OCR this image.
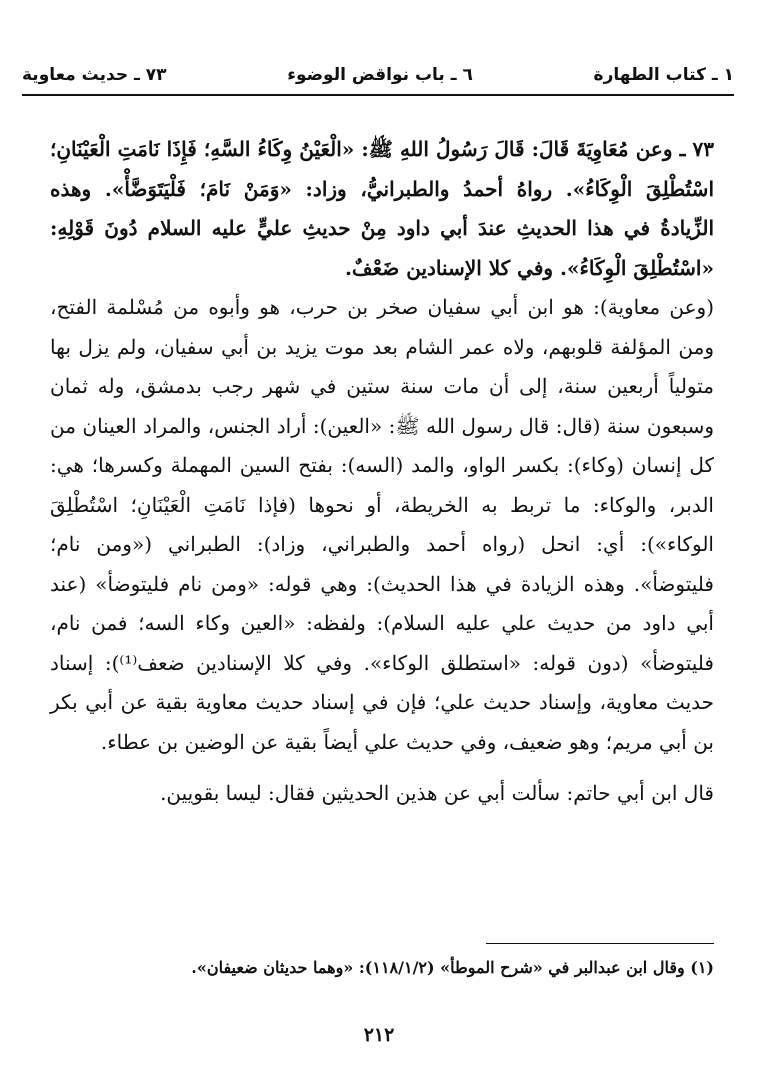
١ ـ كتاب الطهارة
٦ ـ باب نواقض الوضوء
٧٣ ـ حديث معاوية

٧٣ ـ وعن مُعَاوِيَةَ قَالَ: قَالَ رَسُولُ اللهِ ﷺ: «الْعَيْنُ وِكَاءُ السَّهِ؛ فَإِذَا نَامَتِ الْعَيْنَانِ؛ اسْتُطْلِقَ الْوِكَاءُ». رواهُ أحمدُ والطبرانيُّ، وزاد: «وَمَنْ نَامَ؛ فَلْيَتَوَضَّأْ». وهذه الزِّيادةُ في هذا الحديثِ عندَ أبي داود مِنْ حديثِ عليٍّ عليه السلام دُونَ قَوْلِهِ: «اسْتُطْلِقَ الْوِكَاءُ». وفي كلا الإسنادين ضَعْفٌ.

(وعن معاوية): هو ابن أبي سفيان صخر بن حرب، هو وأبوه من مُسْلمة الفتح، ومن المؤلفة قلوبهم، ولاه عمر الشام بعد موت يزيد بن أبي سفيان، ولم يزل بها متولياً أربعين سنة، إلى أن مات سنة ستين في شهر رجب بدمشق، وله ثمان وسبعون سنة (قال: قال رسول الله ﷺ: «العين): أراد الجنس، والمراد العينان من كل إنسان (وكاء): بكسر الواو، والمد (السه): بفتح السين المهملة وكسرها؛ هي: الدبر، والوكاء: ما تربط به الخريطة، أو نحوها (فإذا نَامَتِ الْعَيْنَانِ؛ اسْتُطْلِقَ الوكاء»): أي: انحل (رواه أحمد والطبراني، وزاد): الطبراني («ومن نام؛ فليتوضأ». وهذه الزيادة في هذا الحديث): وهي قوله: «ومن نام فليتوضأ» (عند أبي داود من حديث علي عليه السلام): ولفظه: «العين وكاء السه؛ فمن نام، فليتوضأ» (دون قوله: «استطلق الوكاء». وفي كلا الإسنادين ضعف⁽¹⁾): إسناد حديث معاوية، وإسناد حديث علي؛ فإن في إسناد حديث معاوية بقية عن أبي بكر بن أبي مريم؛ وهو ضعيف، وفي حديث علي أيضاً بقية عن الوضين بن عطاء.

قال ابن أبي حاتم: سألت أبي عن هذين الحديثين فقال: ليسا بقويين.

(١) وقال ابن عبدالبر في «شرح الموطأ» (١١٨/١/٢): «وهما حديثان ضعيفان».
٢١٢
